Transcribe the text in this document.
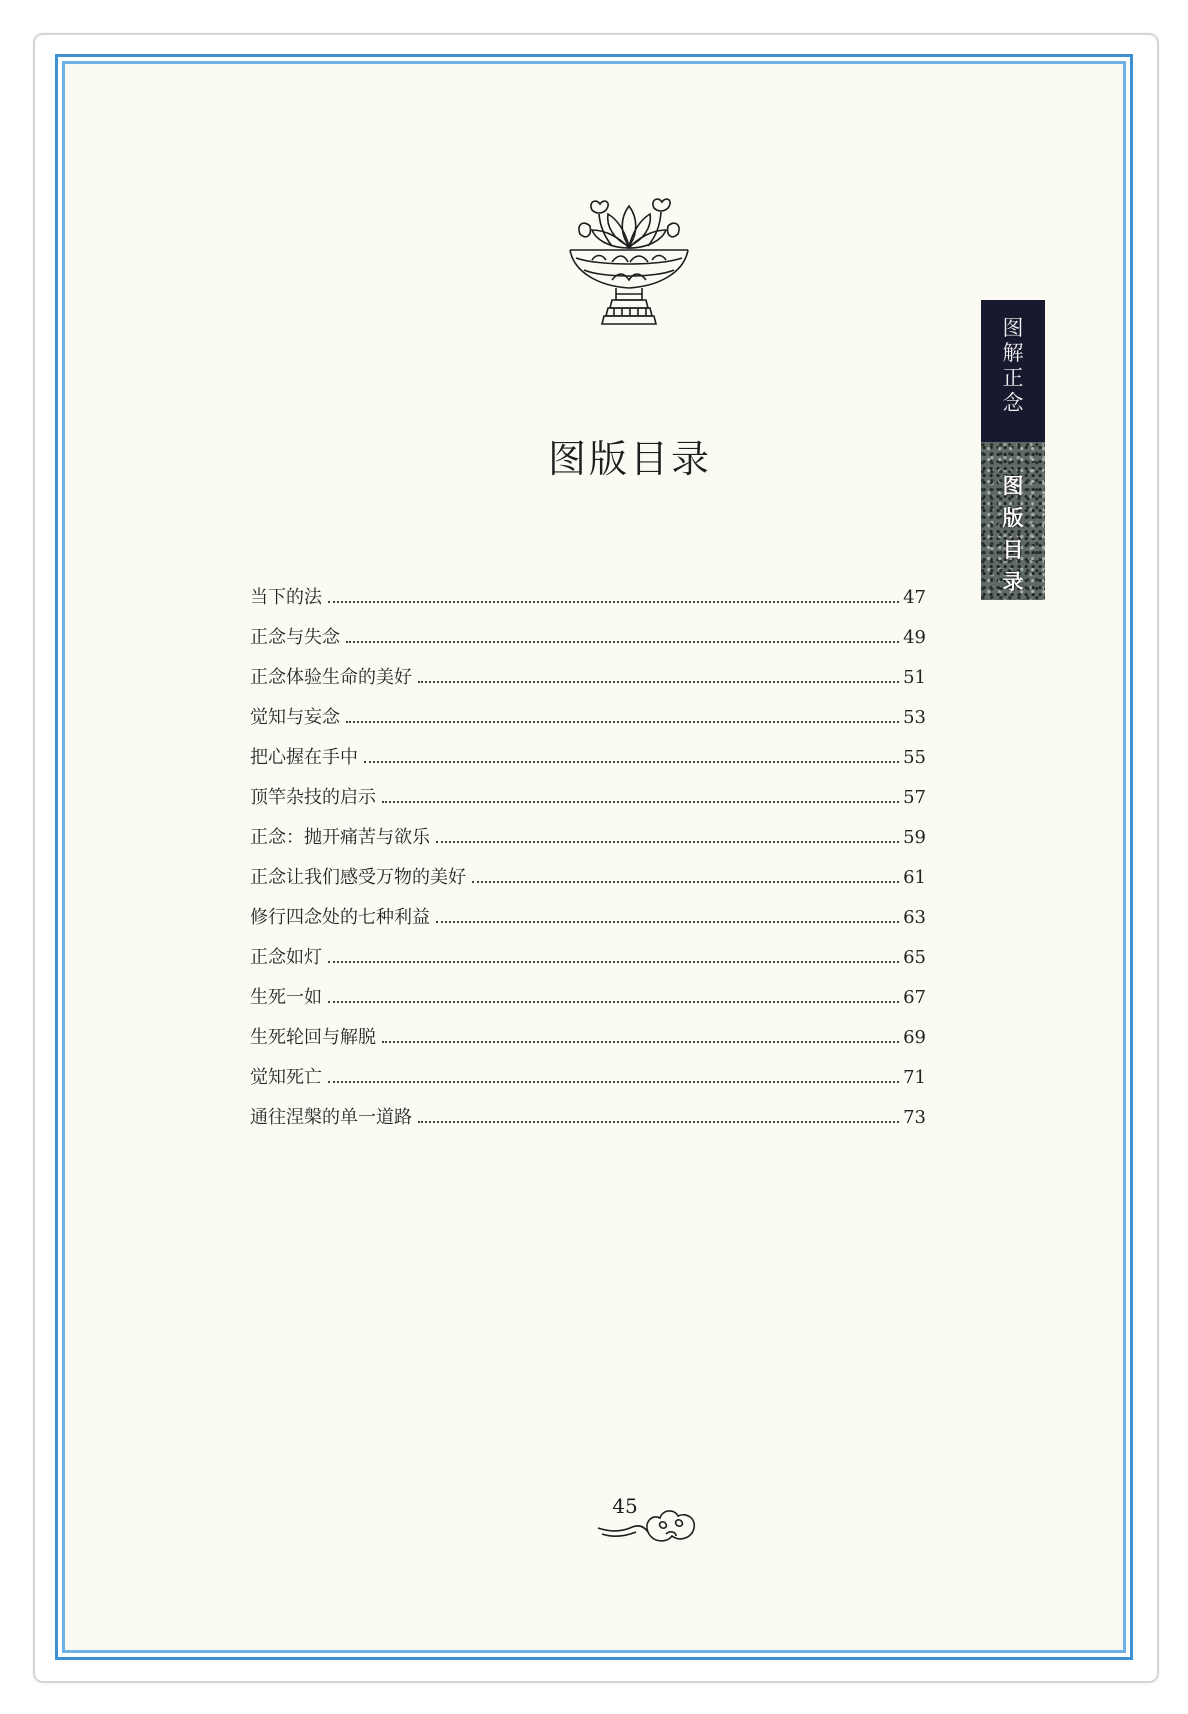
图版目录
图
解
正
念
图
版
目
录
当下的法	47
正念与失念	49
正念体验生命的美好	51
觉知与妄念	53
把心握在手中	55
顶竿杂技的启示	57
正念：抛开痛苦与欲乐	59
正念让我们感受万物的美好	61
修行四念处的七种利益	63
正念如灯	65
生死一如	67
生死轮回与解脱	69
觉知死亡	71
通往涅槃的单一道路	73
45
